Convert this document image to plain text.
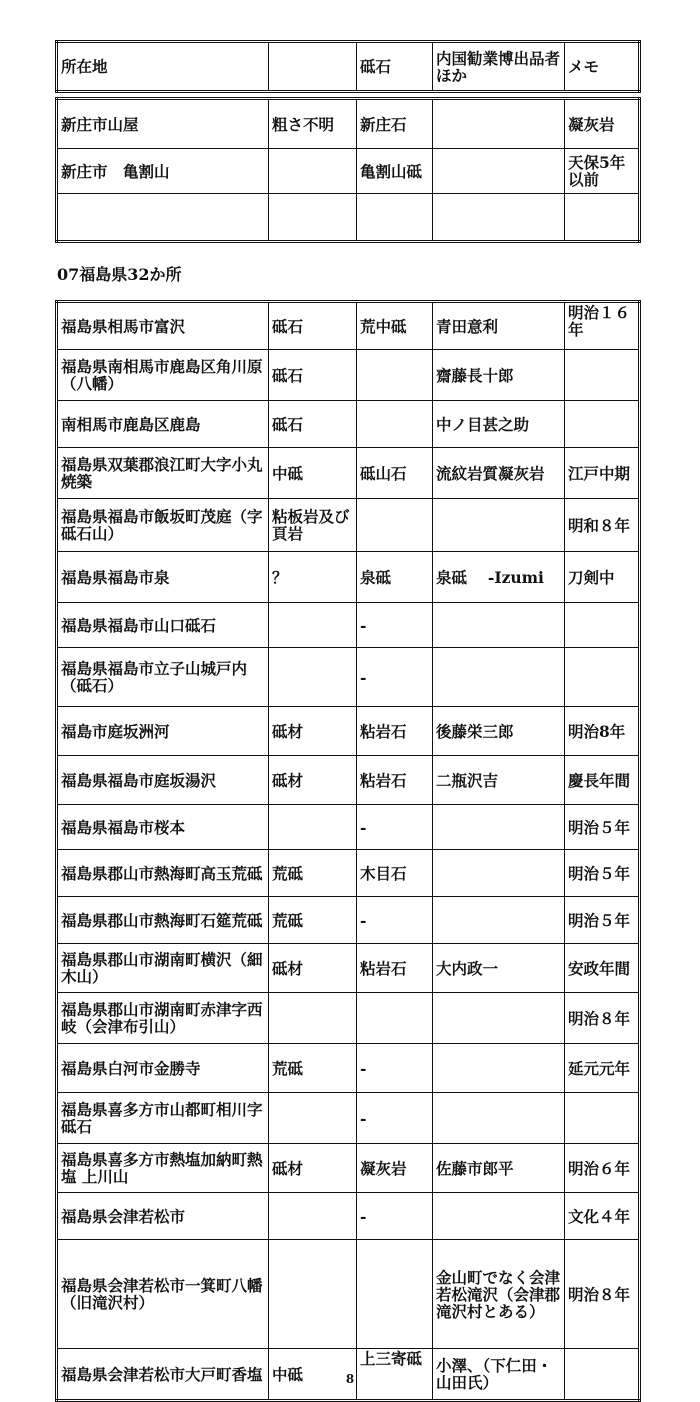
所在地		砥石	内国勧業博出品者ほか	メモ
新庄市山屋	粗さ不明	新庄石		凝灰岩
新庄市　亀割山		亀割山砥		天保5年以前

07福島県32か所
福島県相馬市富沢	砥石	荒中砥	青田意利	明治１６年
福島県南相馬市鹿島区角川原（八幡）	砥石		齋藤長十郎	
南相馬市鹿島区鹿島	砥石		中ノ目甚之助	
福島県双葉郡浪江町大字小丸焼築	中砥	砥山石	流紋岩質凝灰岩	江戸中期
福島県福島市飯坂町茂庭（字砥石山）	粘板岩及び頁岩			明和８年
福島県福島市泉	？	泉砥	泉砥　 -Izumi	刀剣中
福島県福島市山口砥石		-		
福島県福島市立子山城戸内（砥石）		-		
福島市庭坂洲河	砥材	粘岩石	後藤栄三郎	明治8年
福島県福島市庭坂湯沢	砥材	粘岩石	二瓶沢吉	慶長年間
福島県福島市桜本		-		明治５年
福島県郡山市熱海町高玉荒砥	荒砥	木目石		明治５年
福島県郡山市熱海町石筵荒砥	荒砥	-		明治５年
福島県郡山市湖南町横沢（細木山）	砥材	粘岩石	大内政一	安政年間
福島県郡山市湖南町赤津字西岐（会津布引山）				明治８年
福島県白河市金勝寺	荒砥	-		延元元年
福島県喜多方市山都町相川字砥石		-		
福島県喜多方市熱塩加納町熱塩 上川山	砥材	凝灰岩	佐藤市郎平	明治６年
福島県会津若松市		-		文化４年
福島県会津若松市一箕町八幡（旧滝沢村）			金山町でなく会津若松滝沢（会津郡滝沢村とある）	明治８年
福島県会津若松市大戸町香塩	中砥	上三寄砥	小澤、（下仁田・山田氏）	
8
